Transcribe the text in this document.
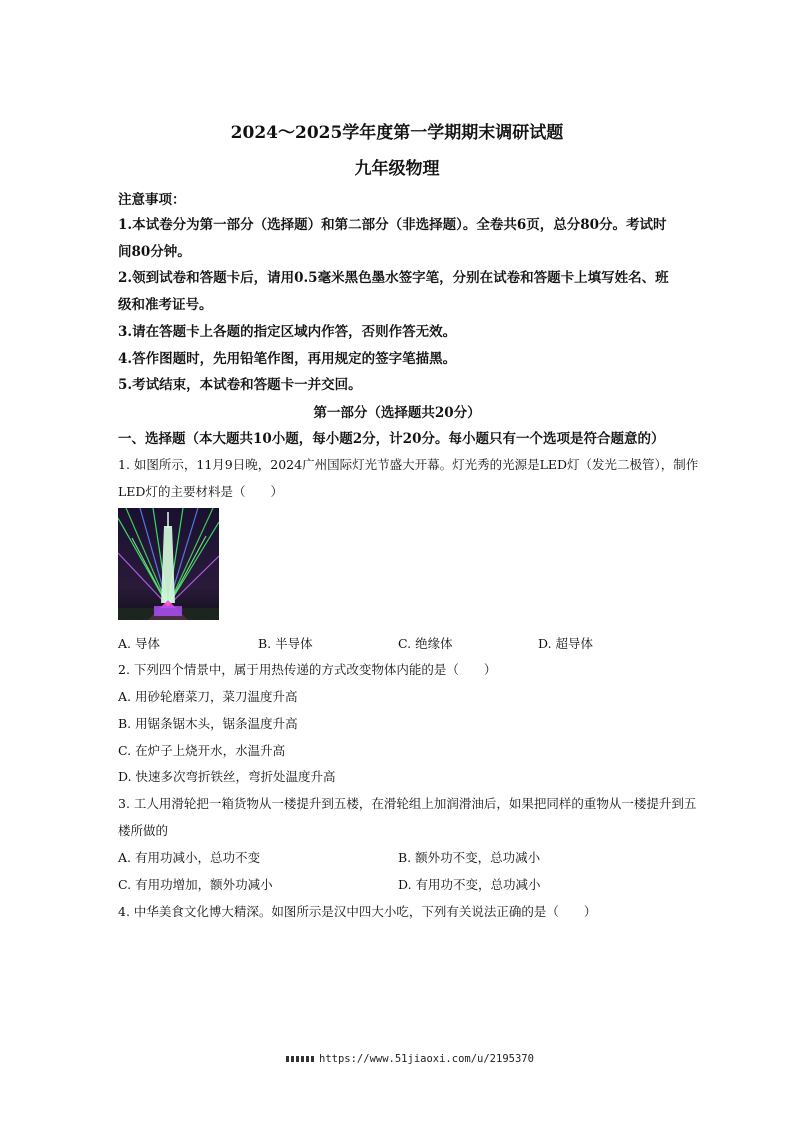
2024～2025学年度第一学期期末调研试题
九年级物理
注意事项：
1.本试卷分为第一部分（选择题）和第二部分（非选择题）。全卷共6页，总分80分。考试时
间80分钟。
2.领到试卷和答题卡后，请用0.5毫米黑色墨水签字笔，分别在试卷和答题卡上填写姓名、班
级和准考证号。
3.请在答题卡上各题的指定区域内作答，否则作答无效。
4.答作图题时，先用铅笔作图，再用规定的签字笔描黑。
5.考试结束，本试卷和答题卡一并交回。
第一部分（选择题共20分）
一、选择题（本大题共10小题，每小题2分，计20分。每小题只有一个选项是符合题意的）
1. 如图所示，11月9日晚，2024广州国际灯光节盛大开幕。灯光秀的光源是LED灯（发光二极管），制作
LED灯的主要材料是（　　）
A. 导体	B. 半导体	C. 绝缘体	D. 超导体
2. 下列四个情景中，属于用热传递的方式改变物体内能的是（　　）
A. 用砂轮磨菜刀，菜刀温度升高
B. 用锯条锯木头，锯条温度升高
C. 在炉子上烧开水，水温升高
D. 快速多次弯折铁丝，弯折处温度升高
3. 工人用滑轮把一箱货物从一楼提升到五楼，在滑轮组上加润滑油后，如果把同样的重物从一楼提升到五
楼所做的
A. 有用功减小，总功不变	B. 额外功不变，总功减小
C. 有用功增加，额外功减小	D. 有用功不变，总功减小
4. 中华美食文化博大精深。如图所示是汉中四大小吃，下列有关说法正确的是（　　）
https://www.51jiaoxi.com/u/2195370
